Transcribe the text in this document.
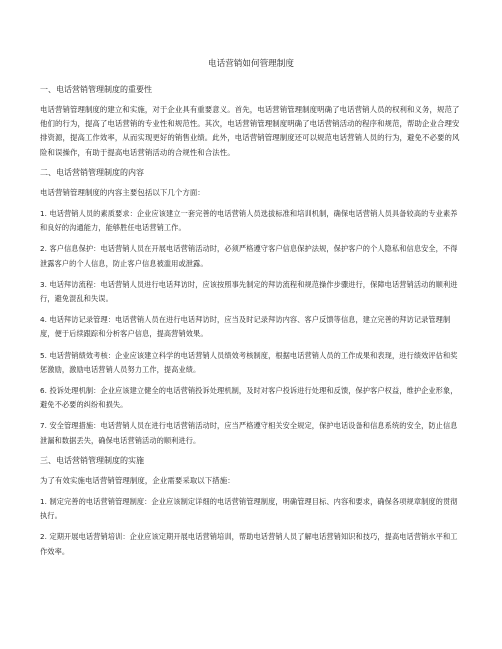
电话营销如何管理制度
一、电话营销管理制度的重要性
电话营销管理制度的建立和实施，对于企业具有重要意义。首先，电话营销管理制度明确了电话营销人员的权利和义务，规范了他们的行为，提高了电话营销的专业性和规范性。其次，电话营销管理制度明确了电话营销活动的程序和规范，帮助企业合理安排资源，提高工作效率，从而实现更好的销售业绩。此外，电话营销管理制度还可以规范电话营销人员的行为，避免不必要的风险和误操作，有助于提高电话营销活动的合规性和合法性。
二、电话营销管理制度的内容
电话营销管理制度的内容主要包括以下几个方面：
1. 电话营销人员的素质要求：企业应该建立一套完善的电话营销人员选拔标准和培训机制，确保电话营销人员具备较高的专业素养和良好的沟通能力，能够胜任电话营销工作。
2. 客户信息保护：电话营销人员在开展电话营销活动时，必须严格遵守客户信息保护法规，保护客户的个人隐私和信息安全，不得泄露客户的个人信息，防止客户信息被滥用或泄露。
3. 电话拜访流程：电话营销人员进行电话拜访时，应该按照事先制定的拜访流程和规范操作步骤进行，保障电话营销活动的顺利进行，避免混乱和失误。
4. 电话拜访记录管理：电话营销人员在进行电话拜访时，应当及时记录拜访内容、客户反馈等信息，建立完善的拜访记录管理制度，便于后续跟踪和分析客户信息，提高营销效果。
5. 电话营销绩效考核：企业应该建立科学的电话营销人员绩效考核制度，根据电话营销人员的工作成果和表现，进行绩效评估和奖惩激励，激励电话营销人员努力工作，提高业绩。
6. 投诉处理机制：企业应该建立健全的电话营销投诉处理机制，及时对客户投诉进行处理和反馈，保护客户权益，维护企业形象，避免不必要的纠纷和损失。
7. 安全管理措施：电话营销人员在进行电话营销活动时，应当严格遵守相关安全规定，保护电话设备和信息系统的安全，防止信息泄漏和数据丢失，确保电话营销活动的顺利进行。
三、电话营销管理制度的实施
为了有效实施电话营销管理制度，企业需要采取以下措施：
1. 制定完善的电话营销管理制度：企业应该制定详细的电话营销管理制度，明确管理目标、内容和要求，确保各项规章制度的贯彻执行。
2. 定期开展电话营销培训：企业应该定期开展电话营销培训，帮助电话营销人员了解电话营销知识和技巧，提高电话营销水平和工作效率。
